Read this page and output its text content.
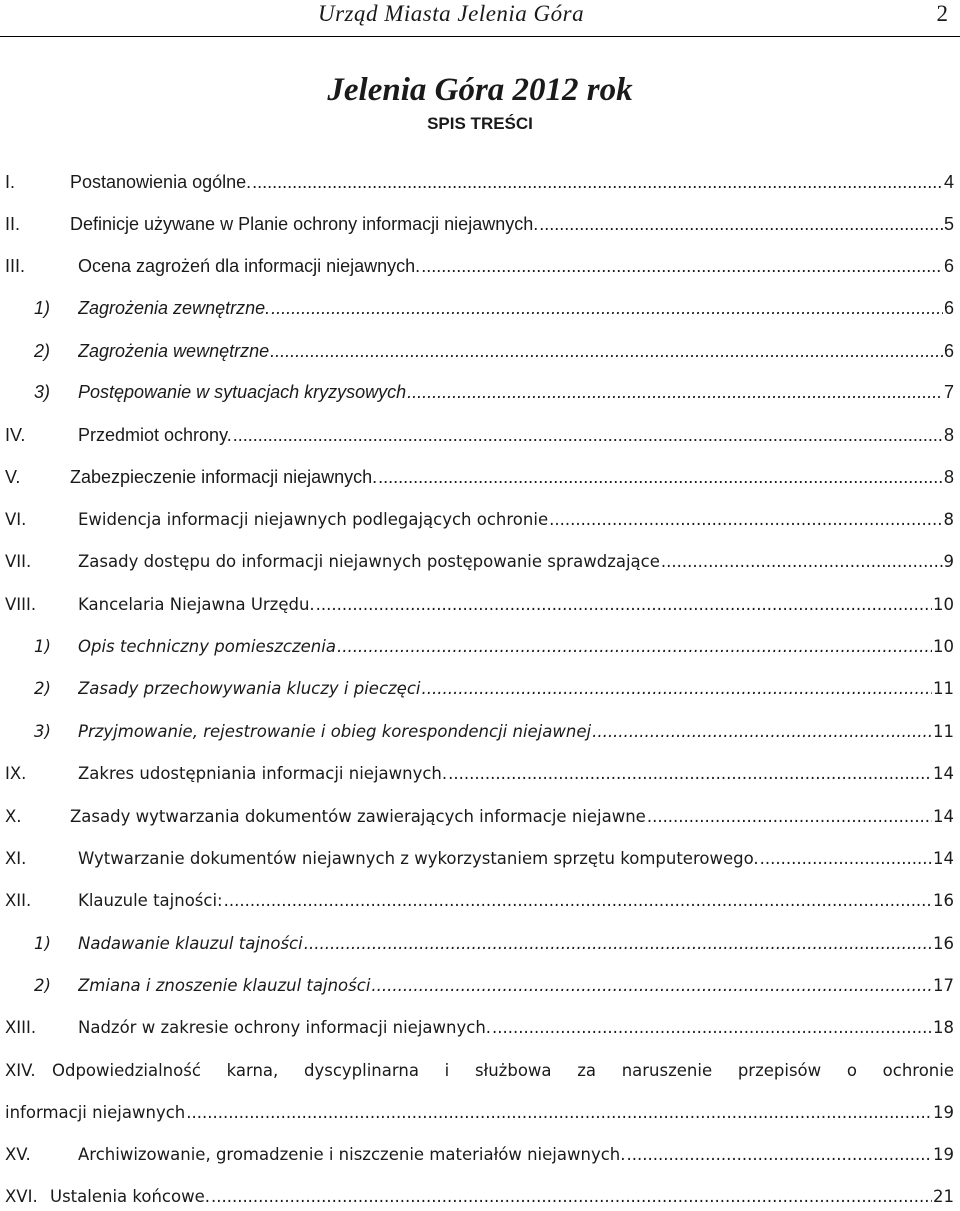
Urząd Miasta Jelenia Góra	2
Jelenia Góra 2012 rok
SPIS TREŚCI
I.	Postanowienia ogólne. .....	4
II.	Definicje używane w Planie ochrony informacji niejawnych. .....	5
III.	Ocena zagrożeń dla informacji niejawnych. .....	6
1) Zagrożenia zewnętrzne. .....	6
2) Zagrożenia wewnętrzne .....	6
3) Postępowanie w sytuacjach kryzysowych .....	7
IV.	Przedmiot ochrony. .....	8
V.	Zabezpieczenie informacji niejawnych. .....	8
VI.	Ewidencja informacji niejawnych podlegających ochronie .....	8
VII.	Zasady dostępu do informacji niejawnych postępowanie sprawdzające .....	9
VIII.	Kancelaria Niejawna Urzędu. .....	10
1) Opis techniczny pomieszczenia .....	10
2) Zasady przechowywania kluczy i pieczęci .....	11
3) Przyjmowanie, rejestrowanie i obieg korespondencji niejawnej .....	11
IX.	Zakres udostępniania informacji niejawnych. .....	14
X.	Zasady wytwarzania dokumentów zawierających informacje niejawne .....	14
XI.	Wytwarzanie dokumentów niejawnych z wykorzystaniem sprzętu komputerowego. .....	14
XII.	Klauzule tajności: .....	16
1) Nadawanie klauzul tajności .....	16
2) Zmiana i znoszenie klauzul tajności .....	17
XIII.	Nadzór w zakresie ochrony informacji niejawnych. .....	18
XIV. Odpowiedzialność karna, dyscyplinarna i służbowa za naruszenie przepisów o ochronie
informacji niejawnych .....	19
XV.	Archiwizowanie, gromadzenie i niszczenie materiałów niejawnych. .....	19
XVI. Ustalenia końcowe. .....	21
